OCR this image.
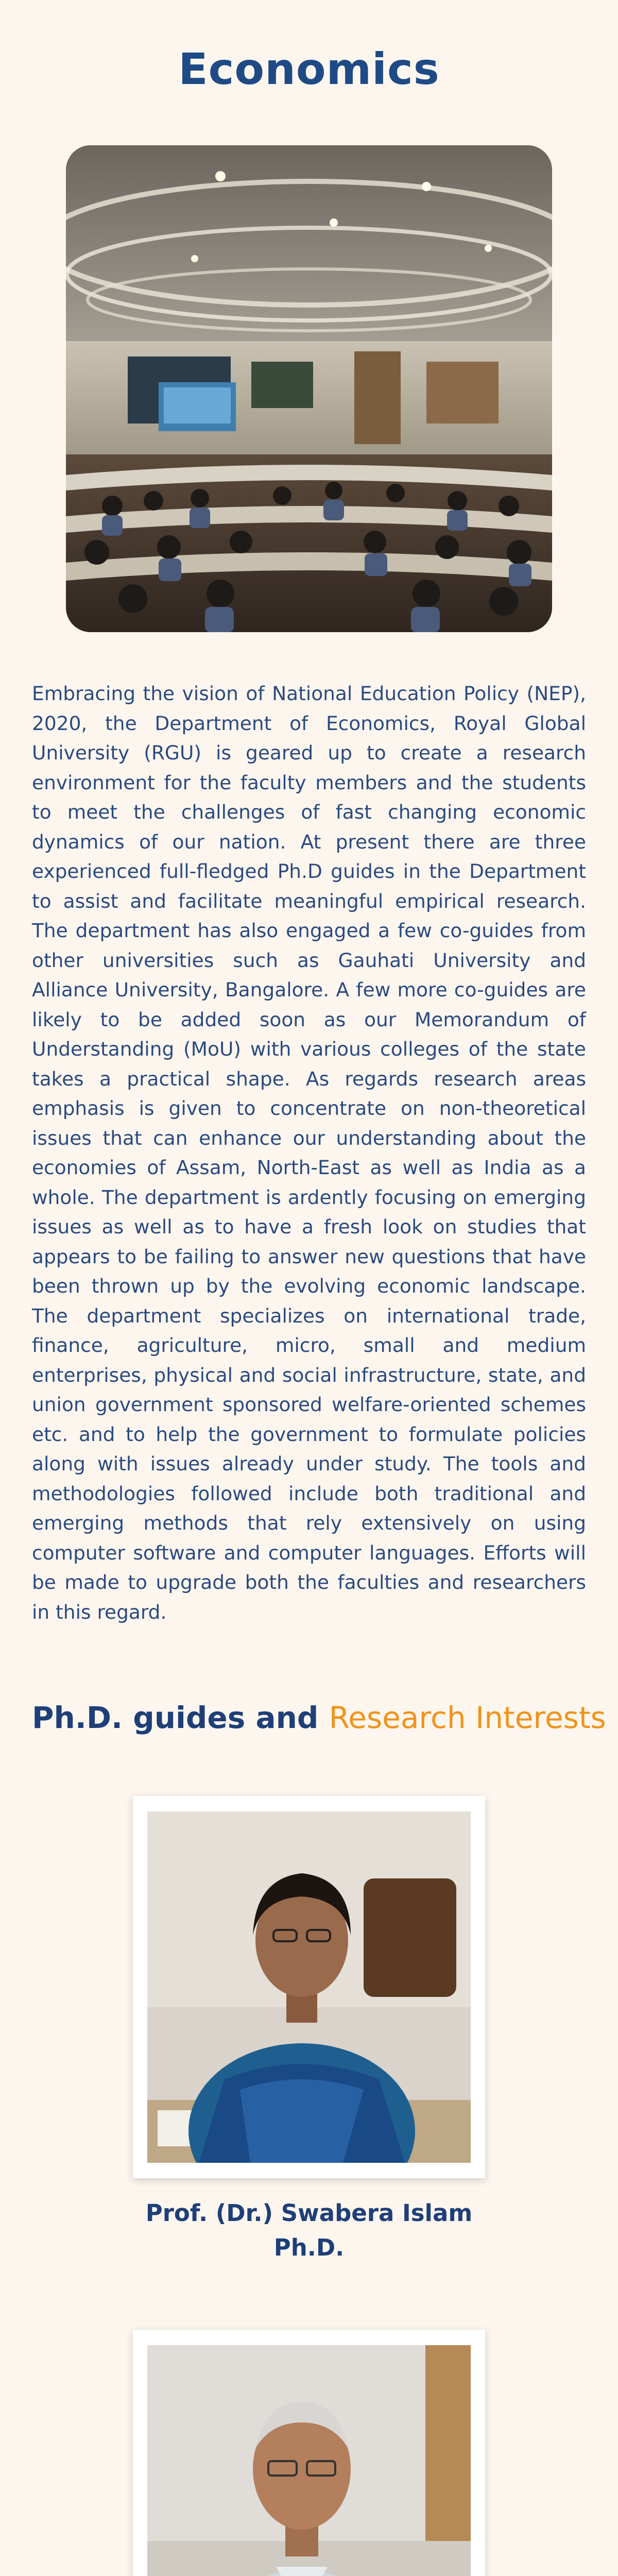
Economics

Embracing the vision of National Education Policy (NEP), 2020, the Department of Economics, Royal Global University (RGU) is geared up to create a research environment for the faculty members and the students to meet the challenges of fast changing economic dynamics of our nation. At present there are three experienced full-fledged Ph.D guides in the Department to assist and facilitate meaningful empirical research. The department has also engaged a few co-guides from other universities such as Gauhati University and Alliance University, Bangalore. A few more co-guides are likely to be added soon as our Memorandum of Understanding (MoU) with various colleges of the state takes a practical shape. As regards research areas emphasis is given to concentrate on non-theoretical issues that can enhance our understanding about the economies of Assam, North-East as well as India as a whole. The department is ardently focusing on emerging issues as well as to have a fresh look on studies that appears to be failing to answer new questions that have been thrown up by the evolving economic landscape. The department specializes on international trade, finance, agriculture, micro, small and medium enterprises, physical and social infrastructure, state, and union government sponsored welfare-oriented schemes etc. and to help the government to formulate policies along with issues already under study. The tools and methodologies followed include both traditional and emerging methods that rely extensively on using computer software and computer languages. Efforts will be made to upgrade both the faculties and researchers in this regard.

Ph.D. guides and Research Interests
Prof. (Dr.) Swabera Islam
Ph.D.
